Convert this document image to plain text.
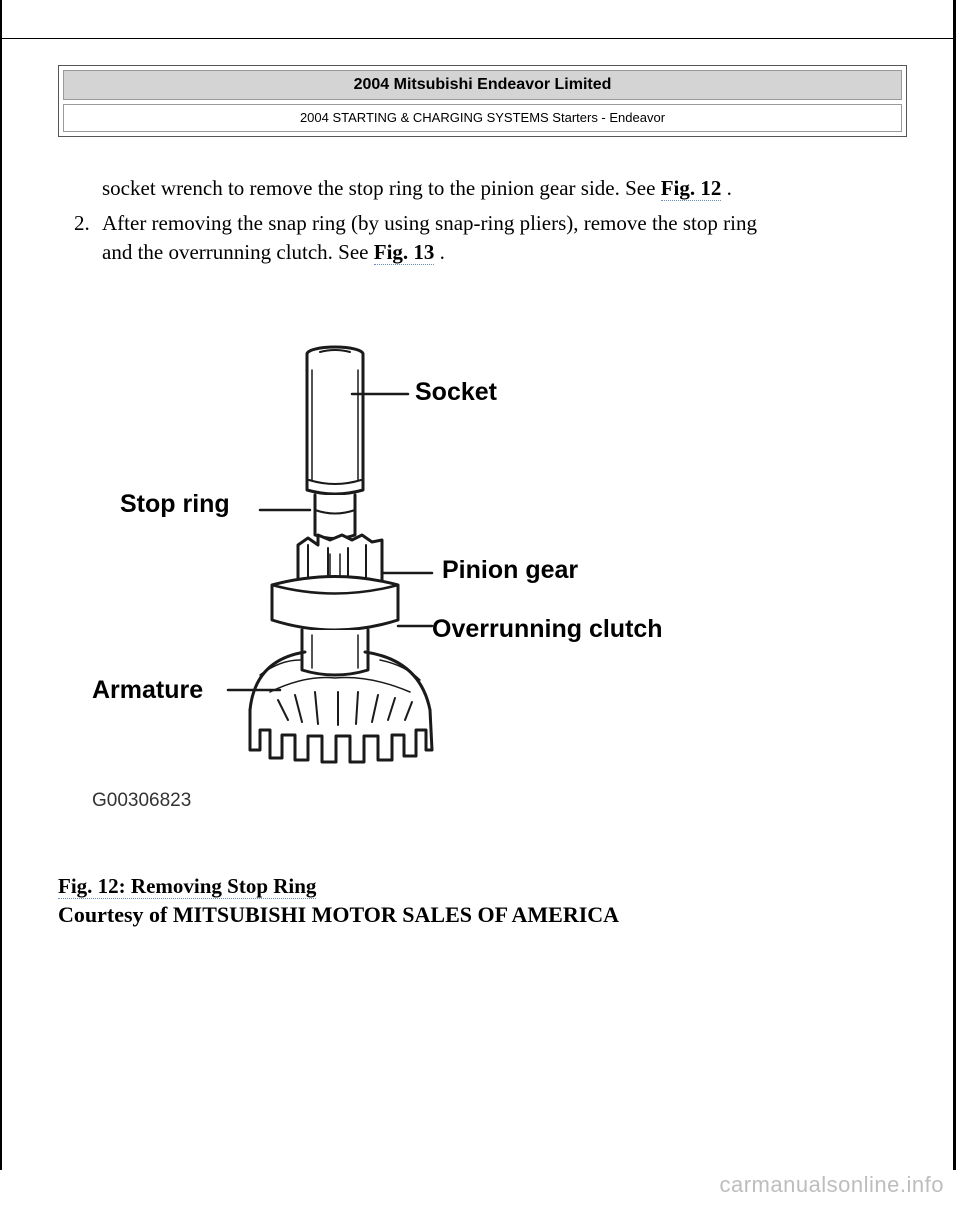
2004 Mitsubishi Endeavor Limited
2004 STARTING & CHARGING SYSTEMS Starters - Endeavor
socket wrench to remove the stop ring to the pinion gear side. See Fig. 12 .
2. After removing the snap ring (by using snap-ring pliers), remove the stop ring
and the overrunning clutch. See Fig. 13 .
Socket
Stop ring
Pinion gear
Overrunning clutch
Armature
G00306823
Fig. 12: Removing Stop Ring
Courtesy of MITSUBISHI MOTOR SALES OF AMERICA
carmanualsonline.info
